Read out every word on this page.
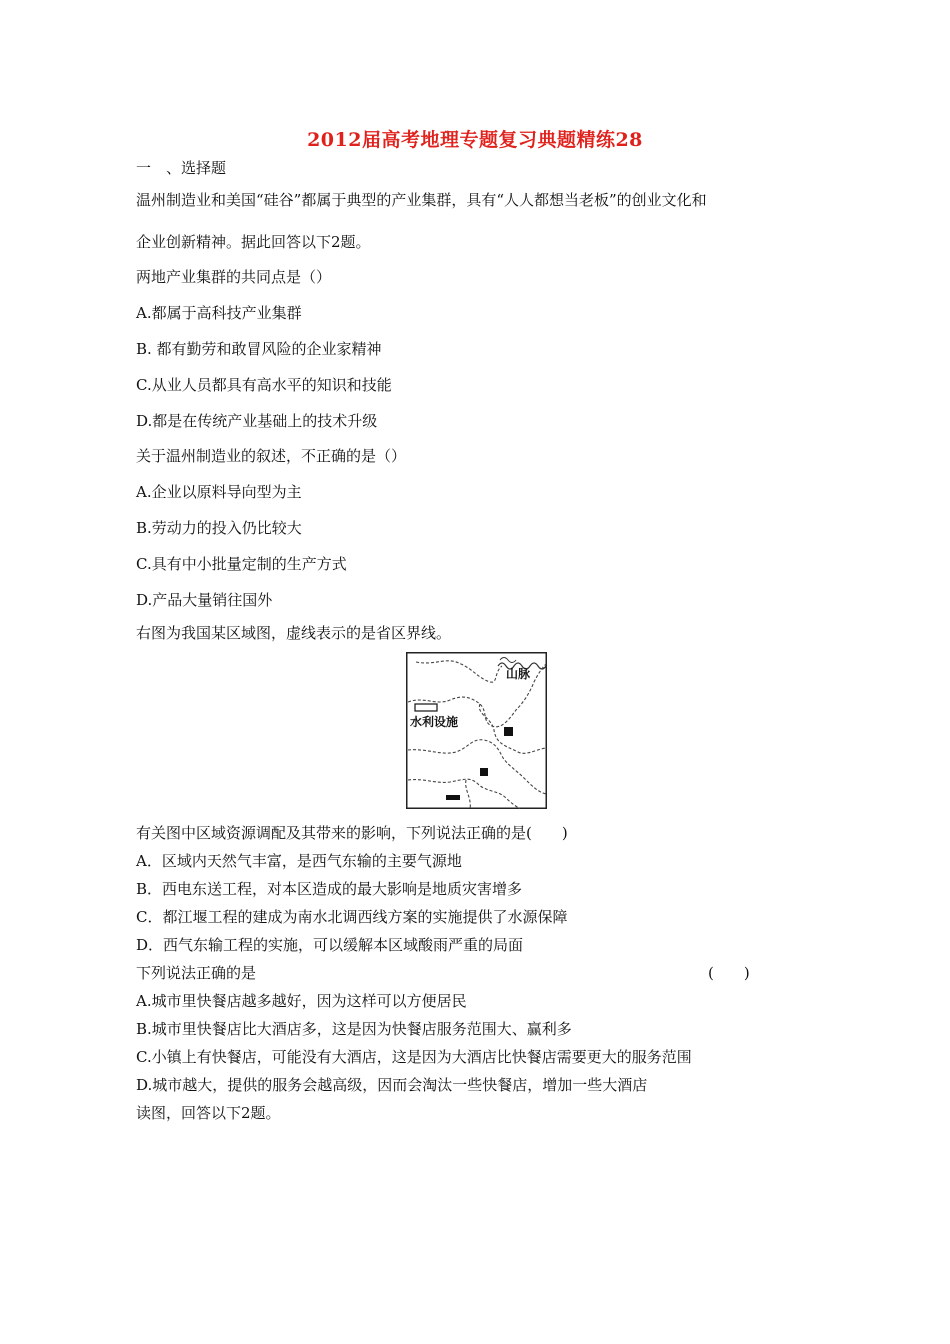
2012届高考地理专题复习典题精练28
一　、选择题
温州制造业和美国“硅谷”都属于典型的产业集群，具有“人人都想当老板”的创业文化和
企业创新精神。据此回答以下2题。
两地产业集群的共同点是（）
A.都属于高科技产业集群
B. 都有勤劳和敢冒风险的企业家精神
C.从业人员都具有高水平的知识和技能
D.都是在传统产业基础上的技术升级
关于温州制造业的叙述，不正确的是（）
A.企业以原料导向型为主
B.劳动力的投入仍比较大
C.具有中小批量定制的生产方式
D.产品大量销往国外
右图为我国某区域图，虚线表示的是省区界线。
山脉
水利设施
有关图中区域资源调配及其带来的影响，下列说法正确的是(　　)
A．区域内天然气丰富，是西气东输的主要气源地
B．西电东送工程，对本区造成的最大影响是地质灾害增多
C．都江堰工程的建成为南水北调西线方案的实施提供了水源保障
D．西气东输工程的实施，可以缓解本区域酸雨严重的局面
下列说法正确的是	(　　)
A.城市里快餐店越多越好，因为这样可以方便居民
B.城市里快餐店比大酒店多，这是因为快餐店服务范围大、赢利多
C.小镇上有快餐店，可能没有大酒店，这是因为大酒店比快餐店需要更大的服务范围
D.城市越大，提供的服务会越高级，因而会淘汰一些快餐店，增加一些大酒店
读图，回答以下2题。
